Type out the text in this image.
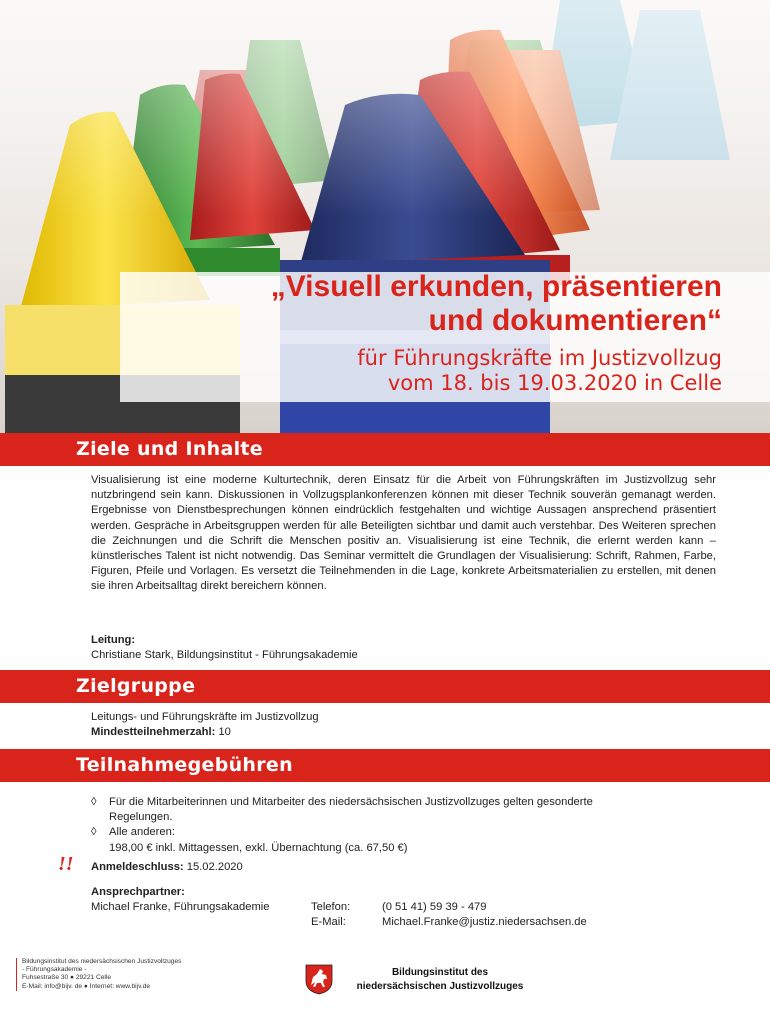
„Visuell erkunden, präsentieren
und dokumentieren“
für Führungskräfte im Justizvollzug
vom 18. bis 19.03.2020 in Celle
Ziele und Inhalte
Visualisierung ist eine moderne Kulturtechnik, deren Einsatz für die Arbeit von Führungskräften im Justizvollzug sehr nutzbringend sein kann. Diskussionen in Vollzugsplankonferenzen können mit dieser Technik souverän gemanagt werden. Ergebnisse von Dienstbesprechungen können eindrücklich festgehalten und wichtige Aussagen ansprechend präsentiert werden. Gespräche in Arbeitsgruppen werden für alle Beteiligten sichtbar und damit auch verstehbar. Des Weiteren sprechen die Zeichnungen und die Schrift die Menschen positiv an. Visualisierung ist eine Technik, die erlernt werden kann – künstlerisches Talent ist nicht notwendig. Das Seminar vermittelt die Grundlagen der Visualisierung: Schrift, Rahmen, Farbe, Figuren, Pfeile und Vorlagen. Es versetzt die Teilnehmenden in die Lage, konkrete Arbeitsmaterialien zu erstellen, mit denen sie ihren Arbeitsalltag direkt bereichern können.
Leitung:
Christiane Stark, Bildungsinstitut - Führungsakademie
Zielgruppe
Leitungs- und Führungskräfte im Justizvollzug
Mindestteilnehmerzahl: 10
Teilnahmegebühren
◊	Für die Mitarbeiterinnen und Mitarbeiter des niedersächsischen Justizvollzuges gelten gesonderte
Regelungen.
◊	Alle anderen:
198,00 € inkl. Mittagessen, exkl. Übernachtung (ca. 67,50 €)
!! Anmeldeschluss: 15.02.2020
Ansprechpartner:
Michael Franke, Führungsakademie	Telefon:	(0 51 41) 59 39 - 479
E-Mail:	Michael.Franke@justiz.niedersachsen.de
Bildungsinstitut des niedersächsischen Justizvollzuges
- Führungsakademie -
Fuhsestraße 30 ● 29221 Celle
E-Mail: info@bijv. de ● Internet: www.bijv.de
Bildungsinstitut des
niedersächsischen Justizvollzuges
